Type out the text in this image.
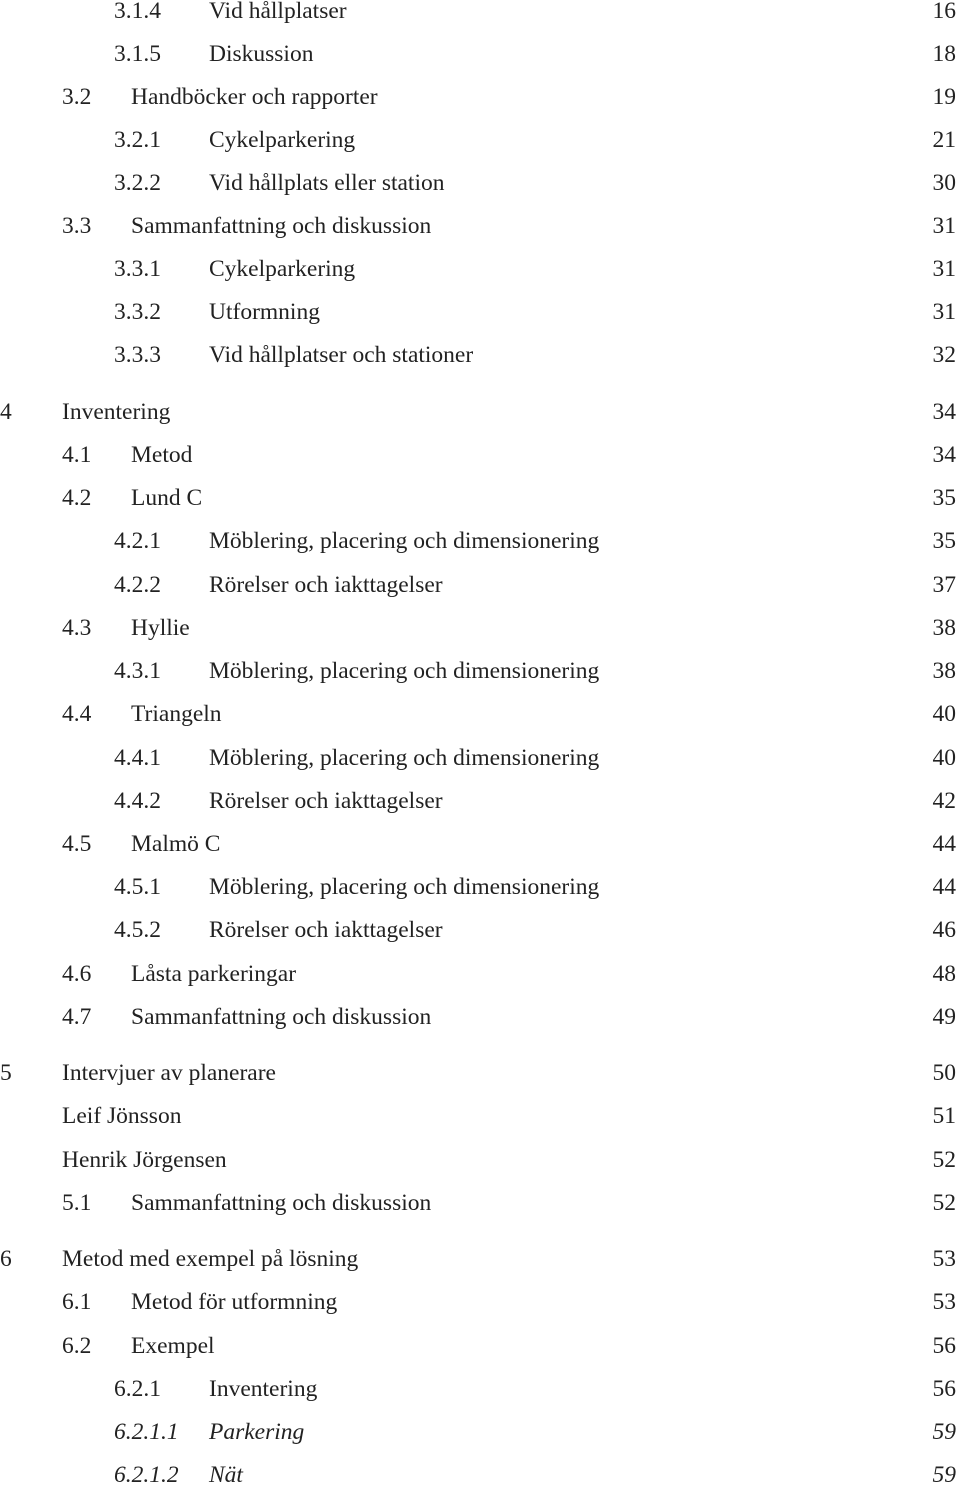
3.1.4 Vid hållplatser	16
3.1.5 Diskussion	18
3.2 Handböcker och rapporter	19
3.2.1 Cykelparkering	21
3.2.2 Vid hållplats eller station	30
3.3 Sammanfattning och diskussion	31
3.3.1 Cykelparkering	31
3.3.2 Utformning	31
3.3.3 Vid hållplatser och stationer	32
4 Inventering	34
4.1 Metod	34
4.2 Lund C	35
4.2.1 Möblering, placering och dimensionering	35
4.2.2 Rörelser och iakttagelser	37
4.3 Hyllie	38
4.3.1 Möblering, placering och dimensionering	38
4.4 Triangeln	40
4.4.1 Möblering, placering och dimensionering	40
4.4.2 Rörelser och iakttagelser	42
4.5 Malmö C	44
4.5.1 Möblering, placering och dimensionering	44
4.5.2 Rörelser och iakttagelser	46
4.6 Låsta parkeringar	48
4.7 Sammanfattning och diskussion	49
5 Intervjuer av planerare	50
Leif Jönsson	51
Henrik Jörgensen	52
5.1 Sammanfattning och diskussion	52
6 Metod med exempel på lösning	53
6.1 Metod för utformning	53
6.2 Exempel	56
6.2.1 Inventering	56
6.2.1.1 Parkering	59
6.2.1.2 Nät	59
